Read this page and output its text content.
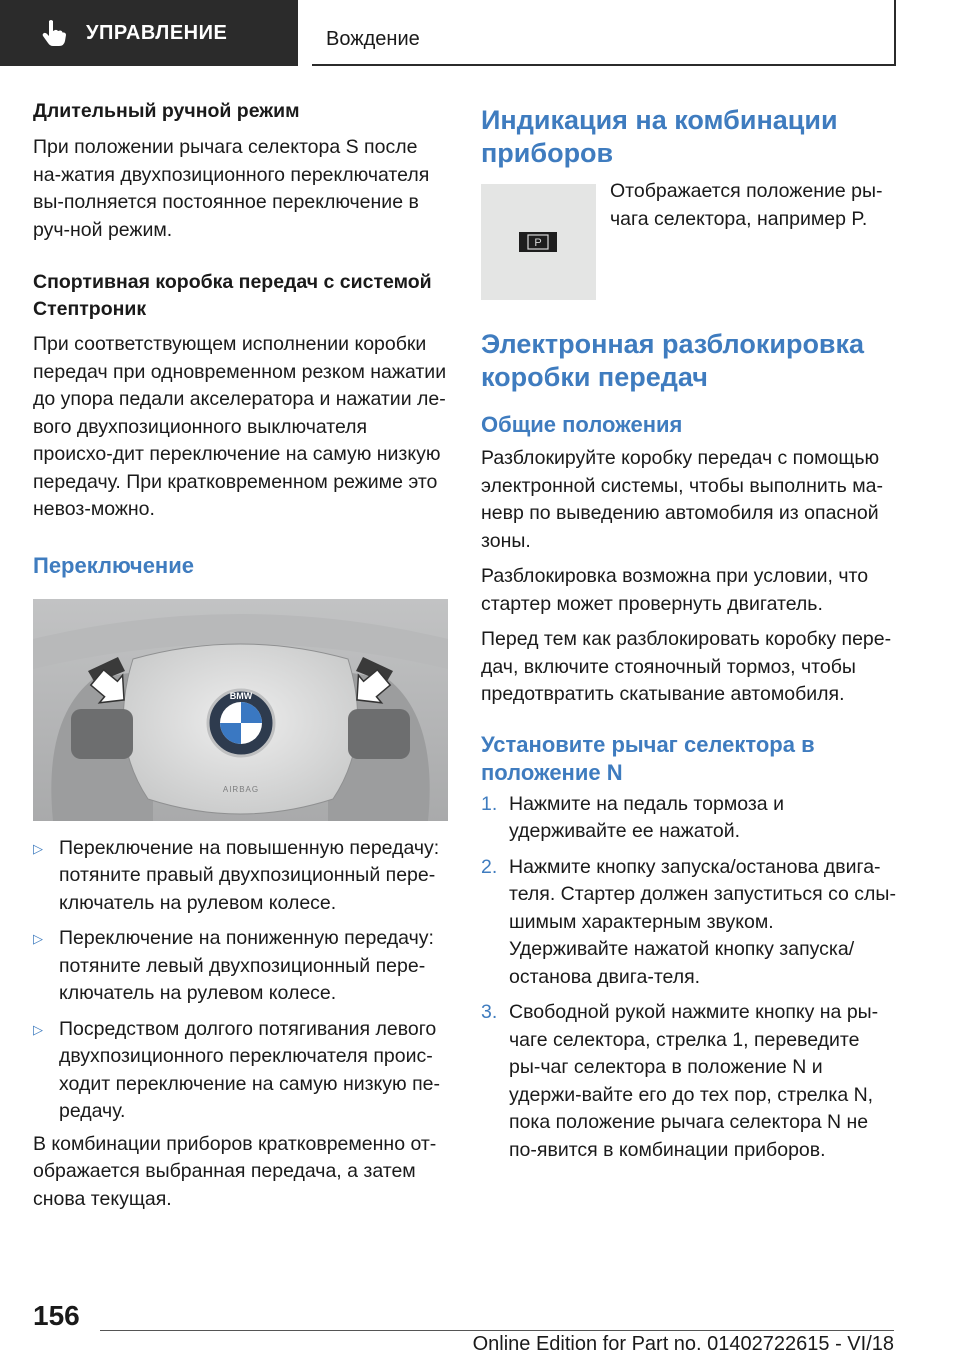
УПРАВЛЕНИЕ	Вождение
Длительный ручной режим

При положении рычага селектора S после на-жатия двухпозиционного переключателя вы-полняется постоянное переключение в руч-ной режим.

Спортивная коробка передач с системой Стептроник

При соответствующем исполнении коробки передач при одновременном резком нажатии до упора педали акселератора и нажатии ле-вого двухпозиционного выключателя происхо-дит переключение на самую низкую передачу. При кратковременном режиме это невоз-можно.

Переключение
BMW
AIRBAG
▷ Переключение на повышенную передачу: потяните правый двухпозиционный пере-ключатель на рулевом колесе.
▷ Переключение на пониженную передачу: потяните левый двухпозиционный пере-ключатель на рулевом колесе.
▷ Посредством долгого потягивания левого двухпозиционного переключателя проис-ходит переключение на самую низкую пе-редачу.

В комбинации приборов кратковременно от-ображается выбранная передача, а затем снова текущая.

Индикация на комбинации приборов
P

Отображается положение ры-чага селектора, например P.

Электронная разблокировка коробки передач
Общие положения

Разблокируйте коробку передач с помощью электронной системы, чтобы выполнить ма-невр по выведению автомобиля из опасной зоны.

Разблокировка возможна при условии, что стартер может провернуть двигатель.

Перед тем как разблокировать коробку пере-дач, включите стояночный тормоз, чтобы предотвратить скатывание автомобиля.

Установите рычаг селектора в положение N
1. Нажмите на педаль тормоза и удерживайте ее нажатой.
2. Нажмите кнопку запуска/останова двига-теля. Стартер должен запуститься со слы-шимым характерным звуком. Удерживайте нажатой кнопку запуска/останова двига-теля.
3. Свободной рукой нажмите кнопку на ры-чаге селектора, стрелка 1, переведите ры-чаг селектора в положение N и удержи-вайте его до тех пор, стрелка N, пока положение рычага селектора N не по-явится в комбинации приборов.
156
Online Edition for Part no. 01402722615 - VI/18
